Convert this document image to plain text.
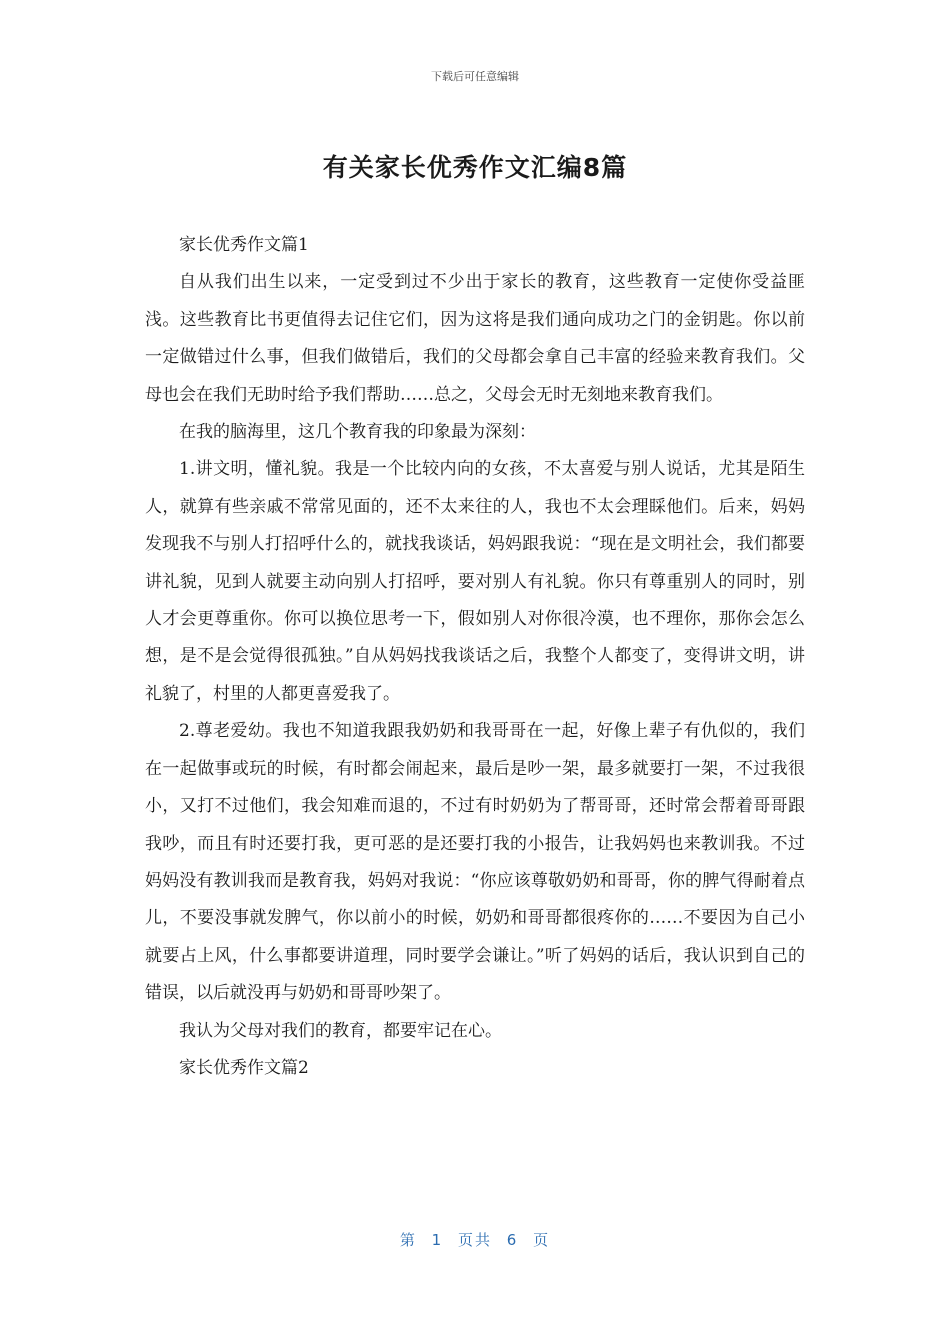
下载后可任意编辑
有关家长优秀作文汇编8篇

家长优秀作文篇1

自从我们出生以来，一定受到过不少出于家长的教育，这些教育一定使你受益匪浅。这些教育比书更值得去记住它们，因为这将是我们通向成功之门的金钥匙。你以前一定做错过什么事，但我们做错后，我们的父母都会拿自己丰富的经验来教育我们。父母也会在我们无助时给予我们帮助……总之，父母会无时无刻地来教育我们。

在我的脑海里，这几个教育我的印象最为深刻：

1.讲文明，懂礼貌。我是一个比较内向的女孩，不太喜爱与别人说话，尤其是陌生人，就算有些亲戚不常常见面的，还不太来往的人，我也不太会理睬他们。后来，妈妈发现我不与别人打招呼什么的，就找我谈话，妈妈跟我说：“现在是文明社会，我们都要讲礼貌，见到人就要主动向别人打招呼，要对别人有礼貌。你只有尊重别人的同时，别人才会更尊重你。你可以换位思考一下，假如别人对你很冷漠，也不理你，那你会怎么想，是不是会觉得很孤独。”自从妈妈找我谈话之后，我整个人都变了，变得讲文明，讲礼貌了，村里的人都更喜爱我了。

2.尊老爱幼。我也不知道我跟我奶奶和我哥哥在一起，好像上辈子有仇似的，我们在一起做事或玩的时候，有时都会闹起来，最后是吵一架，最多就要打一架，不过我很小，又打不过他们，我会知难而退的，不过有时奶奶为了帮哥哥，还时常会帮着哥哥跟我吵，而且有时还要打我，更可恶的是还要打我的小报告，让我妈妈也来教训我。不过妈妈没有教训我而是教育我，妈妈对我说：“你应该尊敬奶奶和哥哥，你的脾气得耐着点儿，不要没事就发脾气，你以前小的时候，奶奶和哥哥都很疼你的……不要因为自己小就要占上风，什么事都要讲道理，同时要学会谦让。”听了妈妈的话后，我认识到自己的错误，以后就没再与奶奶和哥哥吵架了。

我认为父母对我们的教育，都要牢记在心。

家长优秀作文篇2

第 1 页共 6 页
